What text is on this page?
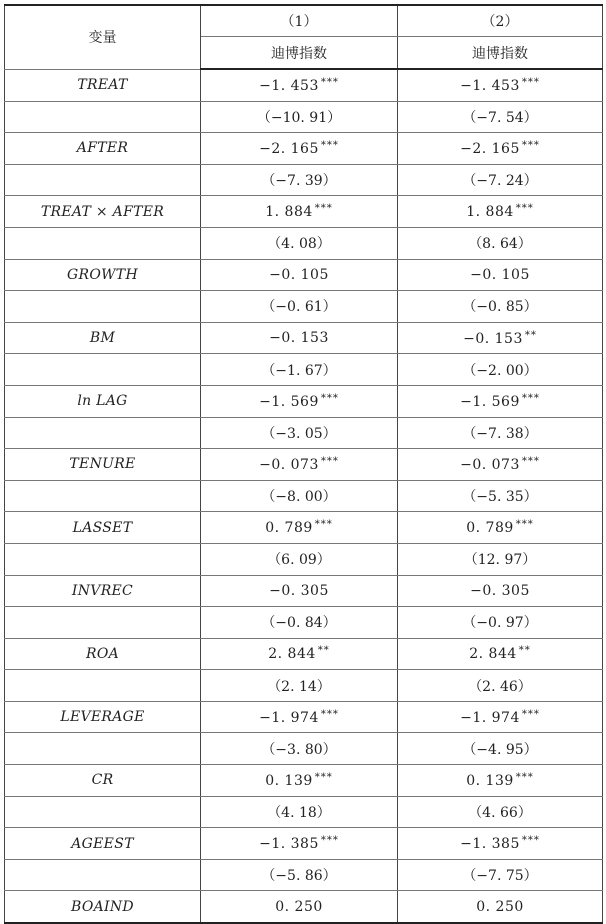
变量	（1）	（2）
	迪博指数	迪博指数
TREAT	−1. 453 ***	−1. 453 ***
	（−10. 91）	（−7. 54）
AFTER	−2. 165 ***	−2. 165 ***
	（−7. 39）	（−7. 24）
TREAT × AFTER	1. 884 ***	1. 884 ***
	（4. 08）	（8. 64）
GROWTH	−0. 105	−0. 105
	（−0. 61）	（−0. 85）
BM	−0. 153	−0. 153 **
	（−1. 67）	（−2. 00）
ln LAG	−1. 569 ***	−1. 569 ***
	（−3. 05）	（−7. 38）
TENURE	−0. 073 ***	−0. 073 ***
	（−8. 00）	（−5. 35）
LASSET	0. 789 ***	0. 789 ***
	（6. 09）	（12. 97）
INVREC	−0. 305	−0. 305
	（−0. 84）	（−0. 97）
ROA	2. 844 **	2. 844 **
	（2. 14）	（2. 46）
LEVERAGE	−1. 974 ***	−1. 974 ***
	（−3. 80）	（−4. 95）
CR	0. 139 ***	0. 139 ***
	（4. 18）	（4. 66）
AGEEST	−1. 385 ***	−1. 385 ***
	（−5. 86）	（−7. 75）
BOAIND	0. 250	0. 250
